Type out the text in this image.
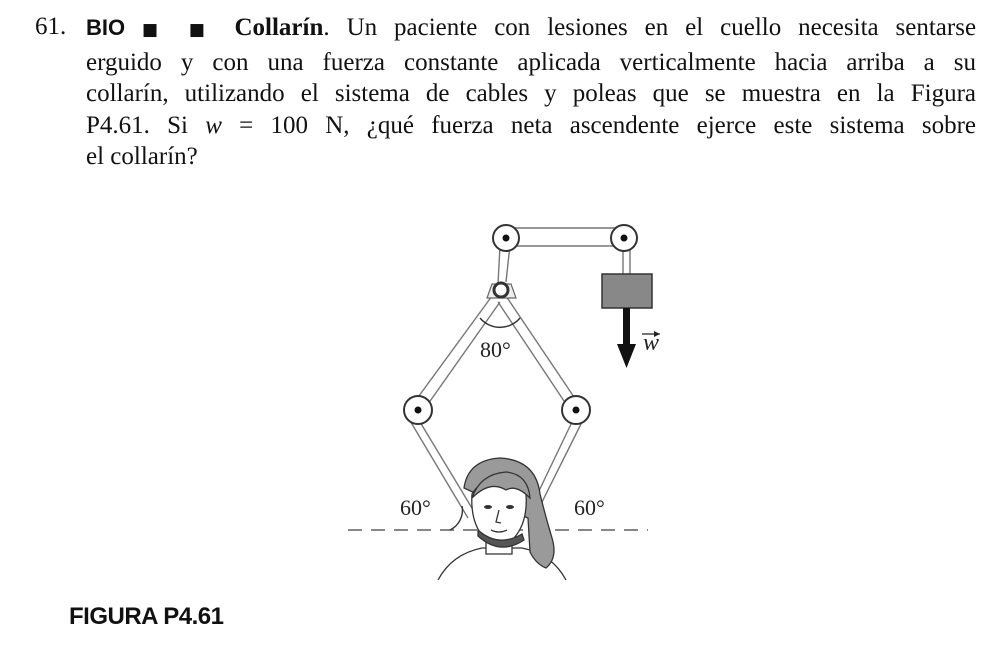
61. BIO ■ ■ Collarín. Un paciente con lesiones en el cuello necesita sentarse
erguido y con una fuerza constante aplicada verticalmente hacia arriba a su
collarín, utilizando el sistema de cables y poleas que se muestra en la Figura
P4.61. Si w = 100 N, ¿qué fuerza neta ascendente ejerce este sistema sobre
el collarín?
80°
60°	60°
w
FIGURA P4.61
